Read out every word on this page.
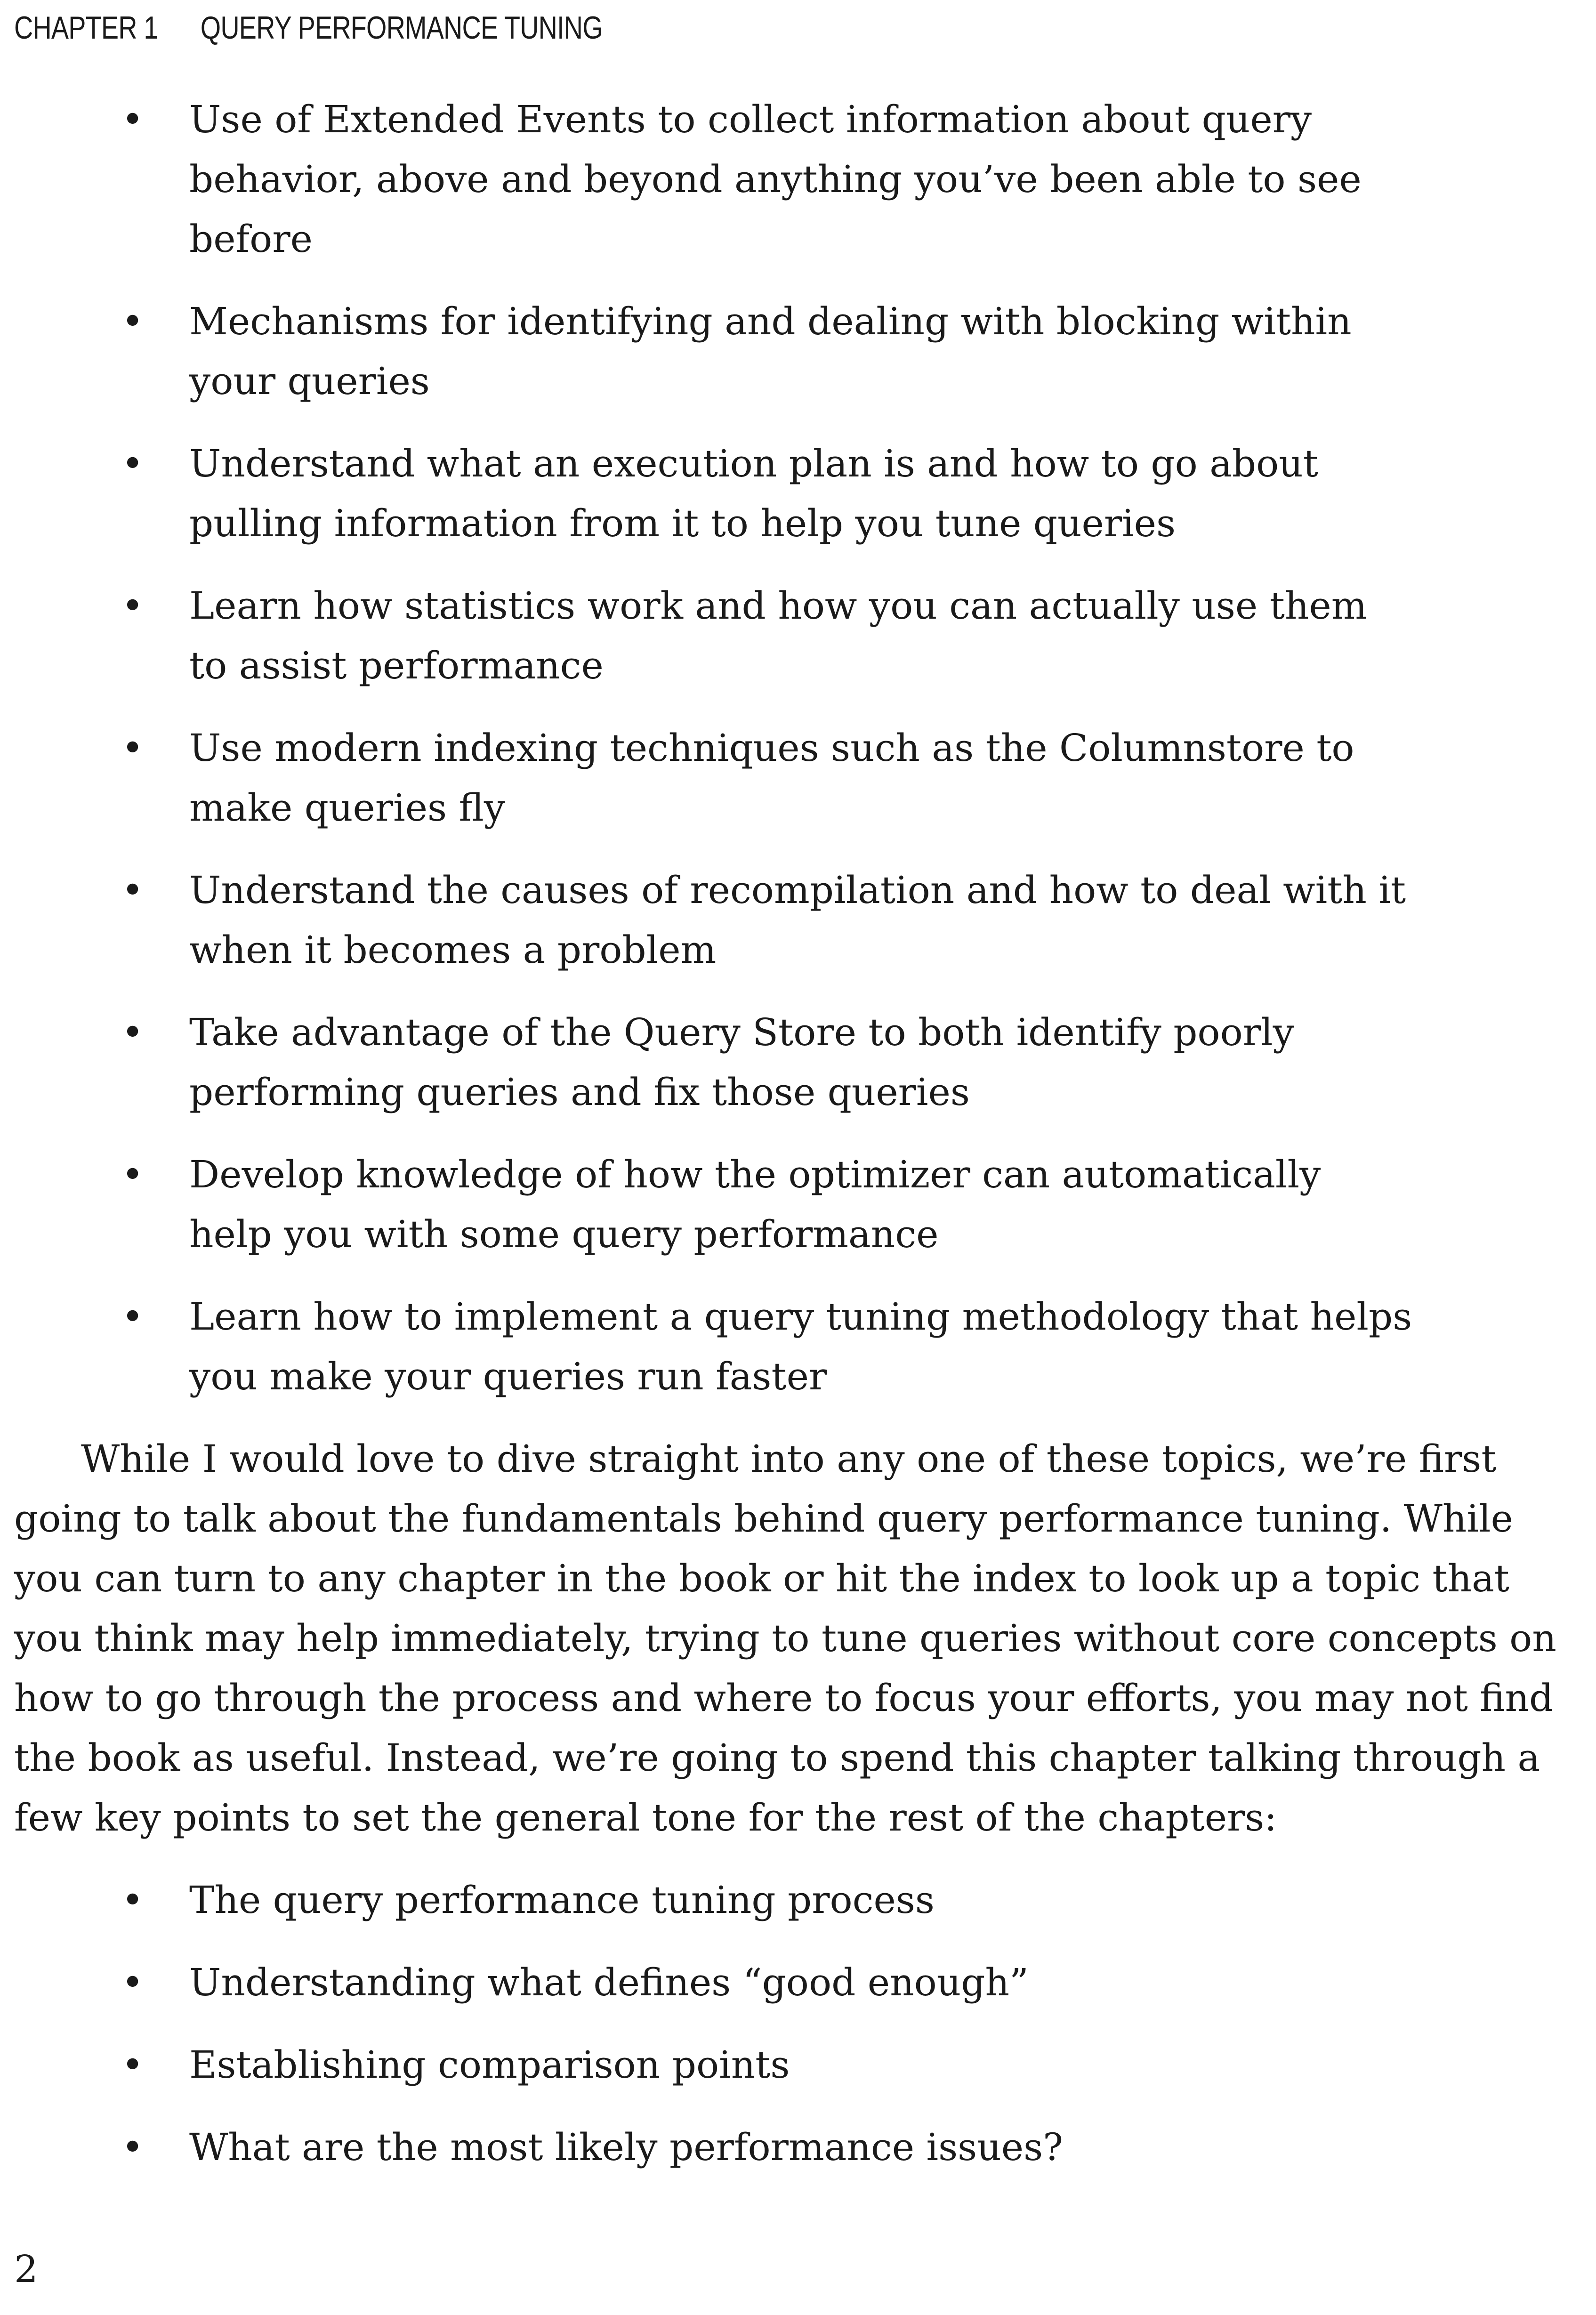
CHAPTER 1 QUERY PERFORMANCE TUNING
• Use of Extended Events to collect information about query behavior, above and beyond anything you’ve been able to see before
• Mechanisms for identifying and dealing with blocking within your queries
• Understand what an execution plan is and how to go about pulling information from it to help you tune queries
• Learn how statistics work and how you can actually use them to assist performance
• Use modern indexing techniques such as the Columnstore to make queries fly
• Understand the causes of recompilation and how to deal with it when it becomes a problem
• Take advantage of the Query Store to both identify poorly performing queries and fix those queries
• Develop knowledge of how the optimizer can automatically help you with some query performance
• Learn how to implement a query tuning methodology that helps you make your queries run faster

While I would love to dive straight into any one of these topics, we’re first going to talk about the fundamentals behind query performance tuning. While you can turn to any chapter in the book or hit the index to look up a topic that you think may help immediately, trying to tune queries without core concepts on how to go through the process and where to focus your efforts, you may not find the book as useful. Instead, we’re going to spend this chapter talking through a few key points to set the general tone for the rest of the chapters:

• The query performance tuning process
• Understanding what defines “good enough”
• Establishing comparison points
• What are the most likely performance issues?
2
